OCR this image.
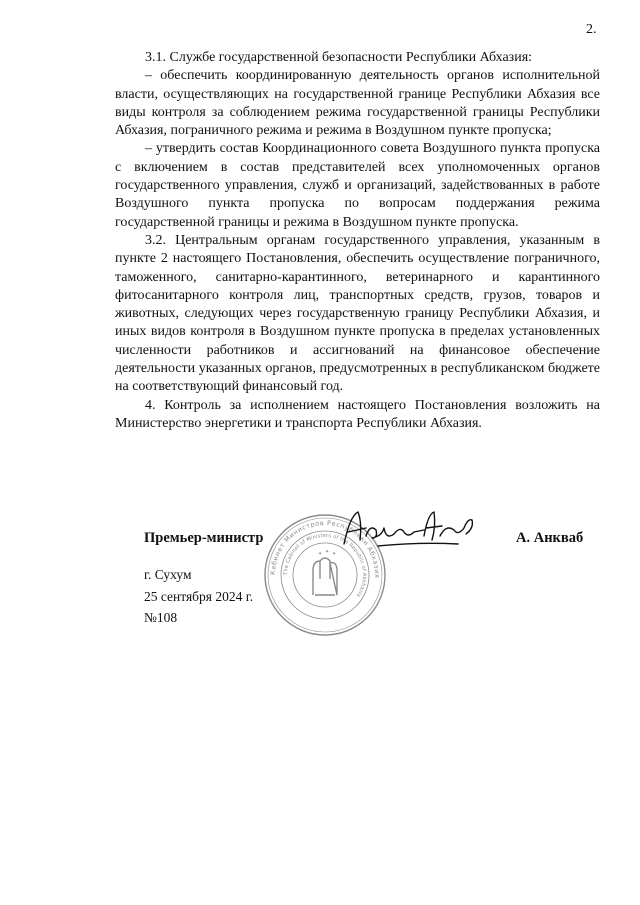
2.

3.1. Службе государственной безопасности Республики Абхазия:

– обеспечить координированную деятельность органов исполнительной власти, осуществляющих на государственной границе Республики Абхазия все виды контроля за соблюдением режима государственной границы Республики Абхазия, пограничного режима и режима в Воздушном пункте пропуска;

– утвердить состав Координационного совета Воздушного пункта пропуска с включением в состав представителей всех уполномоченных органов государственного управления, служб и организаций, задействованных в работе Воздушного пункта пропуска по вопросам поддержания режима государственной границы и режима в Воздушном пункте пропуска.

3.2. Центральным органам государственного управления, указанным в пункте 2 настоящего Постановления, обеспечить осуществление пограничного, таможенного, санитарно-карантинного, ветеринарного и карантинного фитосанитарного контроля лиц, транспортных средств, грузов, товаров и животных, следующих через государственную границу Республики Абхазия, и иных видов контроля в Воздушном пункте пропуска в пределах установленных численности работников и ассигнований на финансовое обеспечение деятельности указанных органов, предусмотренных в республиканском бюджете на соответствующий финансовый год.

4. Контроль за исполнением настоящего Постановления возложить на Министерство энергетики и транспорта Республики Абхазия.

Кабинет Министров Республики Абхазия
The Cabinet of Ministers of the Republic of Abkhazia
✦ ✦ ✦
Премьер-министр	А. Анкваб
г. Сухум
25 сентября 2024 г.
№108
